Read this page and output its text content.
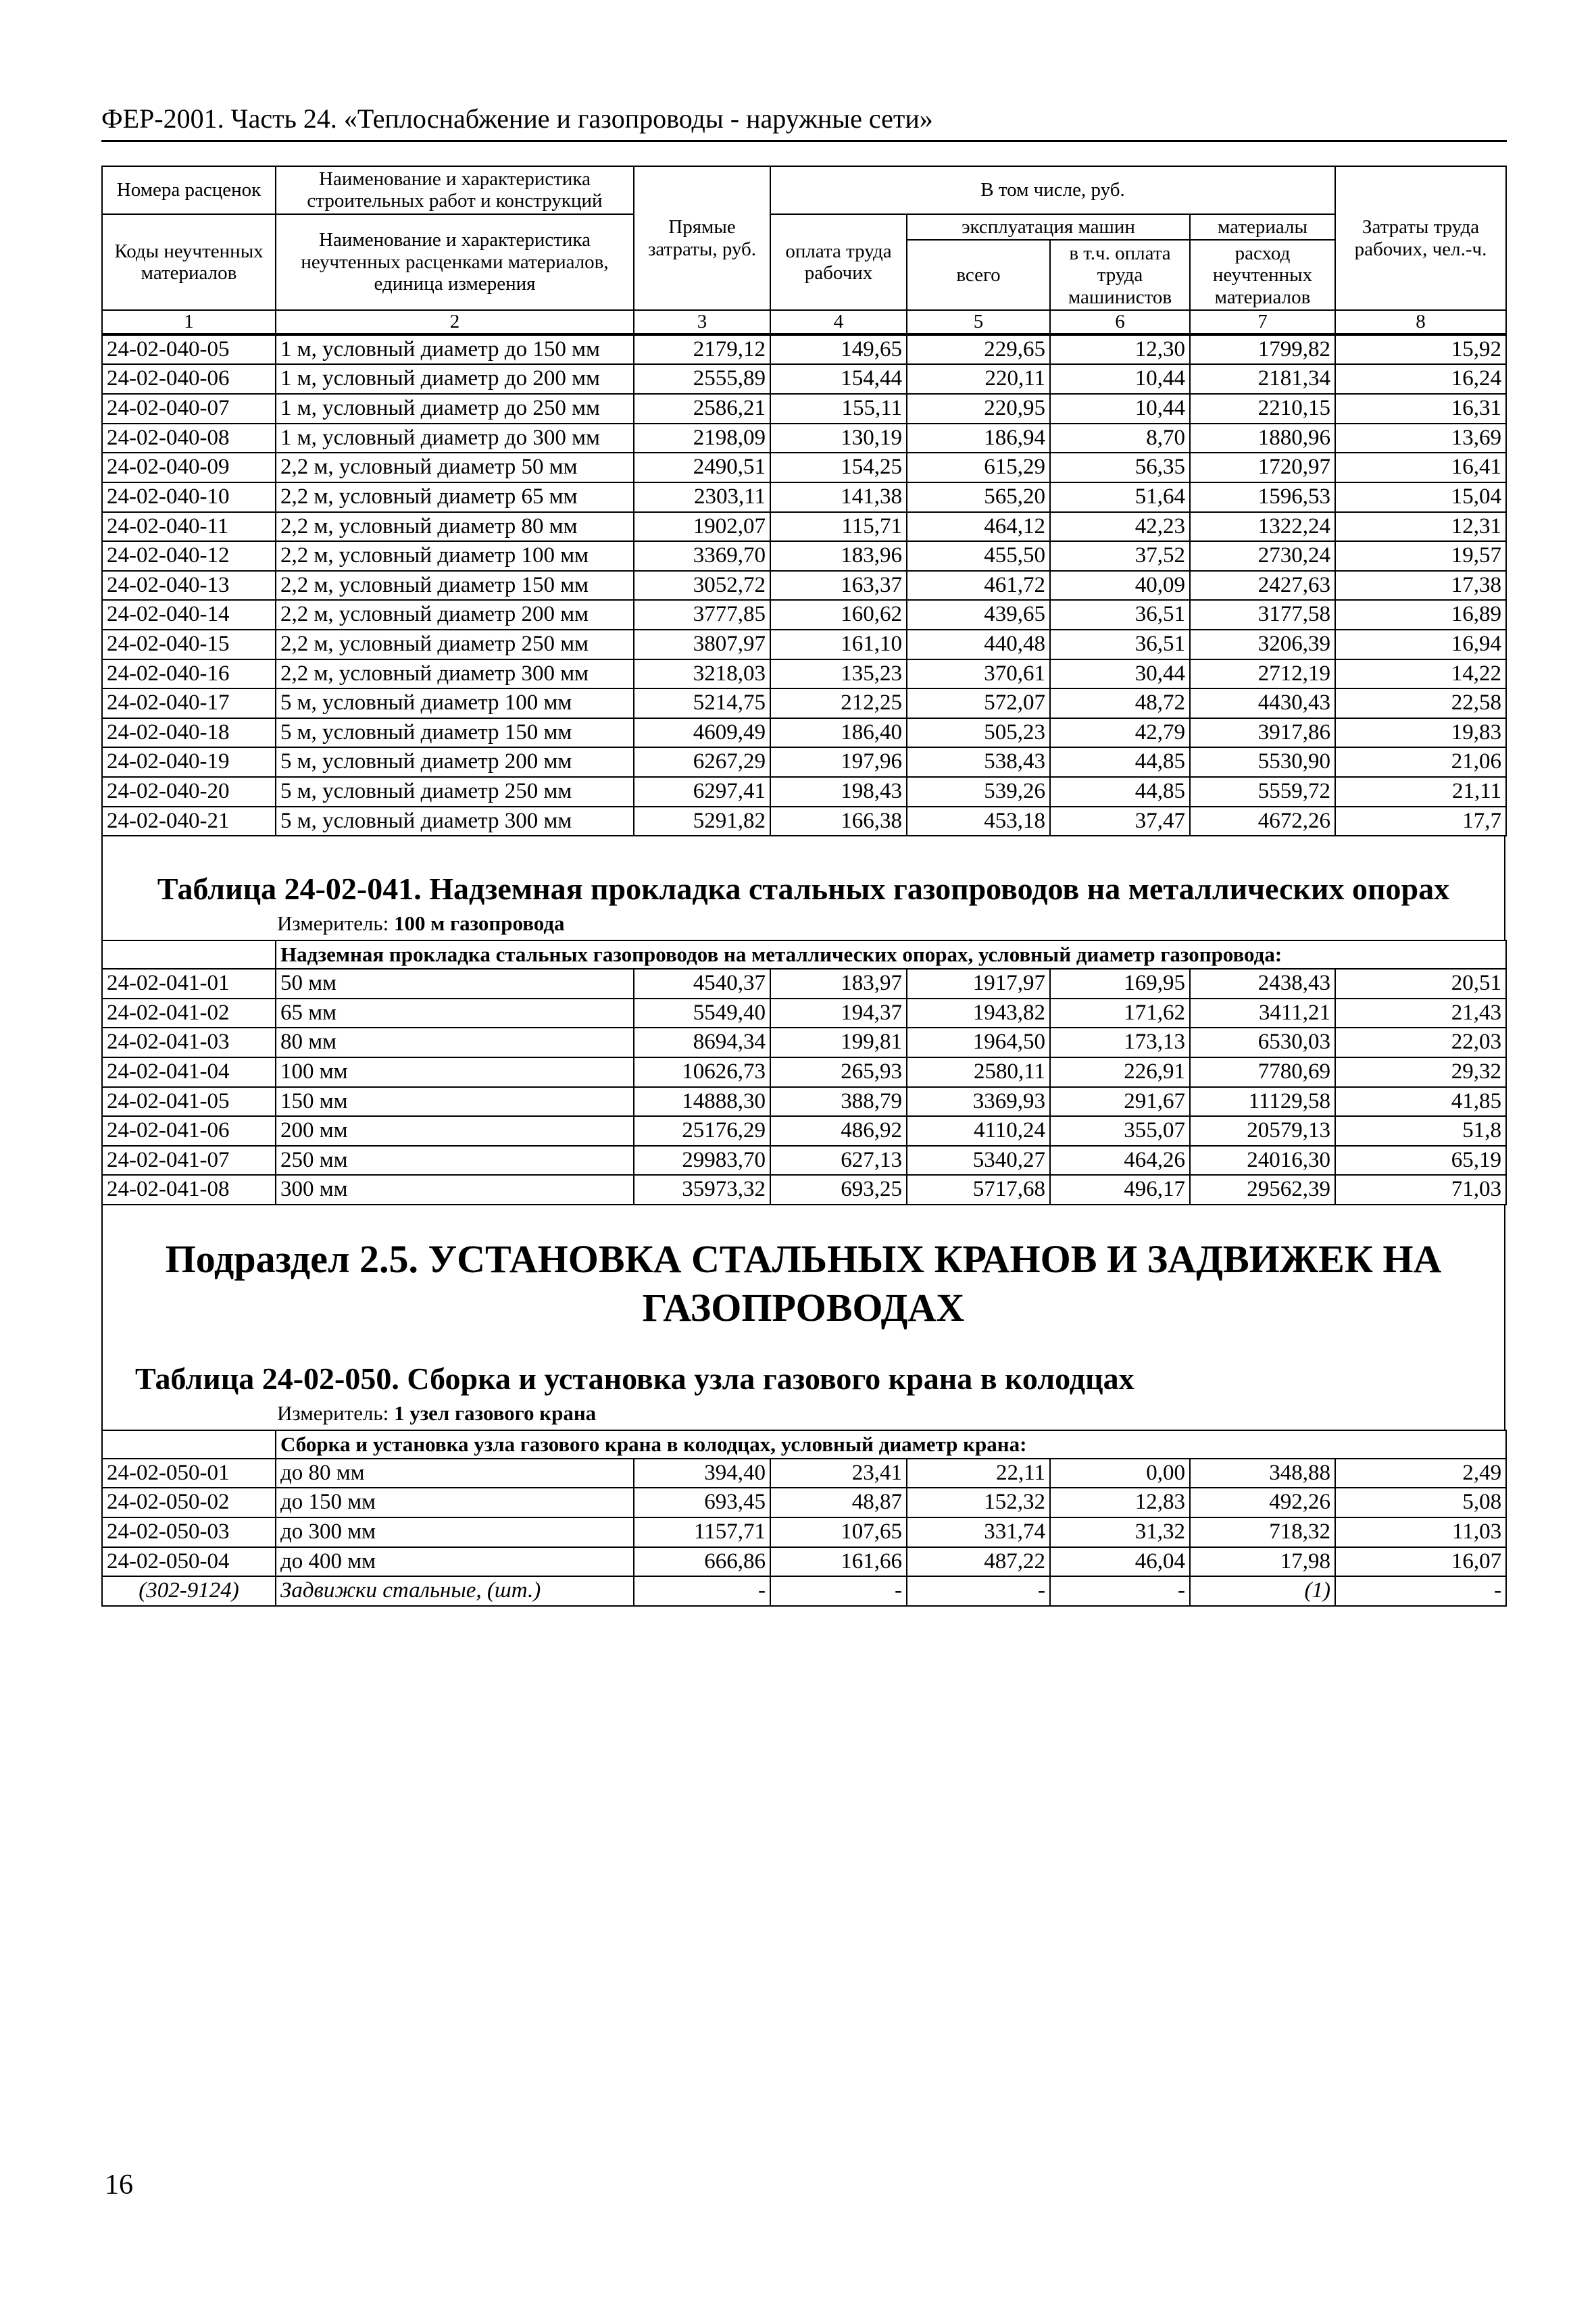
ФЕР-2001. Часть 24. «Теплоснабжение и газопроводы - наружные сети»
Номера расценок	Наименование и характеристика строительных работ и конструкций	Прямые затраты, руб.	В том числе, руб.				Затраты труда рабочих, чел.-ч.
Коды неучтенных материалов	Наименование и характеристика неучтенных расценками материалов, единица измерения		оплата труда рабочих	эксплуатация машин		материалы	
				всего	в т.ч. оплата труда машинистов	расход неучтенных материалов	
1	2	3	4	5	6	7	8
24-02-040-05	1 м, условный диаметр до 150 мм	2179,12	149,65	229,65	12,30	1799,82	15,92
24-02-040-06	1 м, условный диаметр до 200 мм	2555,89	154,44	220,11	10,44	2181,34	16,24
24-02-040-07	1 м, условный диаметр до 250 мм	2586,21	155,11	220,95	10,44	2210,15	16,31
24-02-040-08	1 м, условный диаметр до 300 мм	2198,09	130,19	186,94	8,70	1880,96	13,69
24-02-040-09	2,2 м, условный диаметр 50 мм	2490,51	154,25	615,29	56,35	1720,97	16,41
24-02-040-10	2,2 м, условный диаметр 65 мм	2303,11	141,38	565,20	51,64	1596,53	15,04
24-02-040-11	2,2 м, условный диаметр 80 мм	1902,07	115,71	464,12	42,23	1322,24	12,31
24-02-040-12	2,2 м, условный диаметр 100 мм	3369,70	183,96	455,50	37,52	2730,24	19,57
24-02-040-13	2,2 м, условный диаметр 150 мм	3052,72	163,37	461,72	40,09	2427,63	17,38
24-02-040-14	2,2 м, условный диаметр 200 мм	3777,85	160,62	439,65	36,51	3177,58	16,89
24-02-040-15	2,2 м, условный диаметр 250 мм	3807,97	161,10	440,48	36,51	3206,39	16,94
24-02-040-16	2,2 м, условный диаметр 300 мм	3218,03	135,23	370,61	30,44	2712,19	14,22
24-02-040-17	5 м, условный диаметр 100 мм	5214,75	212,25	572,07	48,72	4430,43	22,58
24-02-040-18	5 м, условный диаметр 150 мм	4609,49	186,40	505,23	42,79	3917,86	19,83
24-02-040-19	5 м, условный диаметр 200 мм	6267,29	197,96	538,43	44,85	5530,90	21,06
24-02-040-20	5 м, условный диаметр 250 мм	6297,41	198,43	539,26	44,85	5559,72	21,11
24-02-040-21	5 м, условный диаметр 300 мм	5291,82	166,38	453,18	37,47	4672,26	17,7
Таблица 24-02-041. Надземная прокладка стальных газопроводов на металлических опорах
Измеритель: 100 м газопровода
	Надземная прокладка стальных газопроводов на металлических опорах, условный диаметр газопровода:						
24-02-041-01	50 мм	4540,37	183,97	1917,97	169,95	2438,43	20,51
24-02-041-02	65 мм	5549,40	194,37	1943,82	171,62	3411,21	21,43
24-02-041-03	80 мм	8694,34	199,81	1964,50	173,13	6530,03	22,03
24-02-041-04	100 мм	10626,73	265,93	2580,11	226,91	7780,69	29,32
24-02-041-05	150 мм	14888,30	388,79	3369,93	291,67	11129,58	41,85
24-02-041-06	200 мм	25176,29	486,92	4110,24	355,07	20579,13	51,8
24-02-041-07	250 мм	29983,70	627,13	5340,27	464,26	24016,30	65,19
24-02-041-08	300 мм	35973,32	693,25	5717,68	496,17	29562,39	71,03
Подраздел 2.5. УСТАНОВКА СТАЛЬНЫХ КРАНОВ И ЗАДВИЖЕК НА ГАЗОПРОВОДАХ
Таблица 24-02-050. Сборка и установка узла газового крана в колодцах
Измеритель: 1 узел газового крана
	Сборка и установка узла газового крана в колодцах, условный диаметр крана:						
24-02-050-01	до 80 мм	394,40	23,41	22,11	0,00	348,88	2,49
24-02-050-02	до 150 мм	693,45	48,87	152,32	12,83	492,26	5,08
24-02-050-03	до 300 мм	1157,71	107,65	331,74	31,32	718,32	11,03
24-02-050-04	до 400 мм	666,86	161,66	487,22	46,04	17,98	16,07
(302-9124)	Задвижки стальные, (шт.)	-	-	-	-	(1)	-
16
